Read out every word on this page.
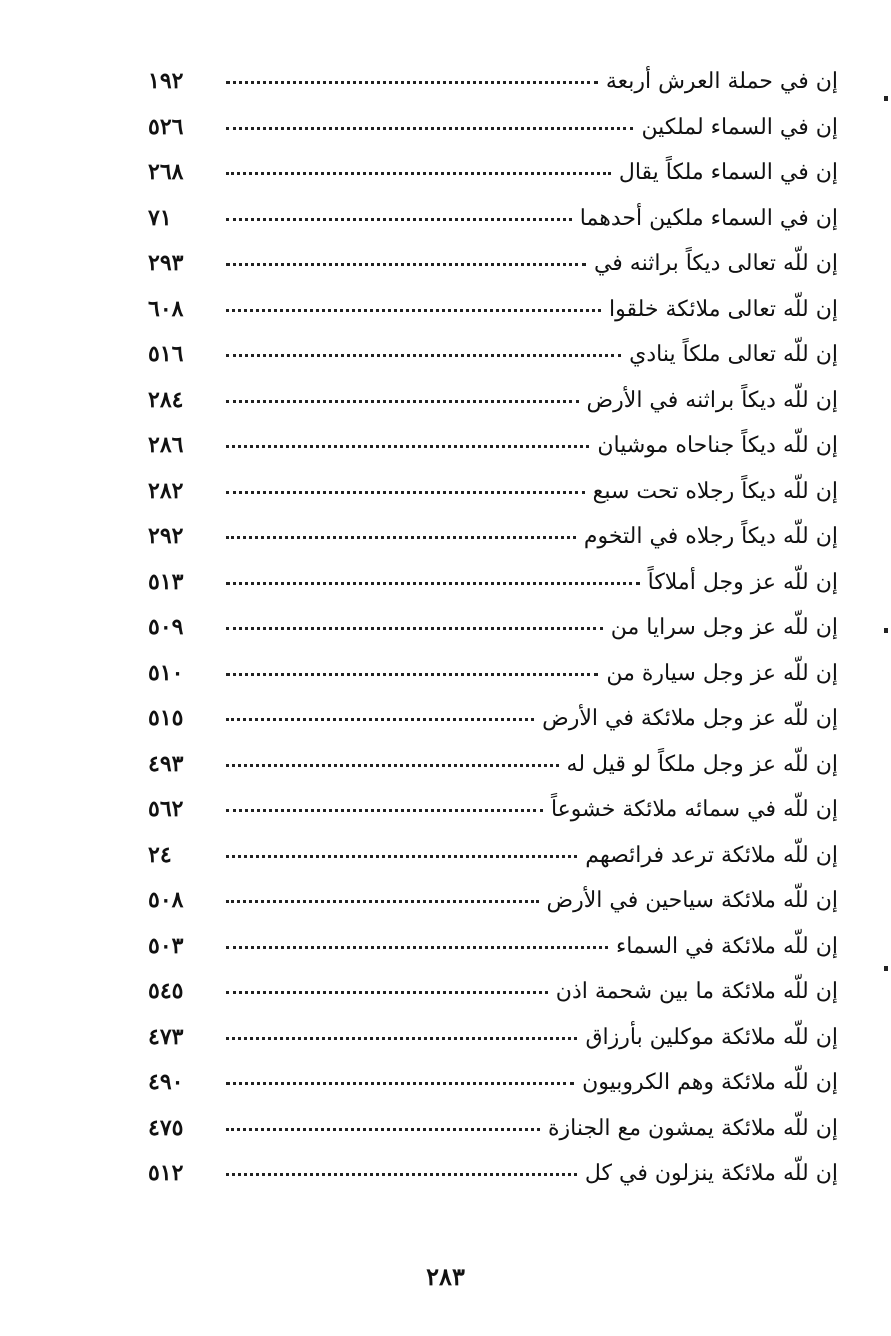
إن في حملة العرش أربعة
١٩٢
إن في السماء لملكين
٥٢٦
إن في السماء ملكاً يقال
٢٦٨
إن في السماء ملكين أحدهما
٧١
إن للّه تعالى ديكاً براثنه في
٢٩٣
إن للّه تعالى ملائكة خلقوا
٦٠٨
إن للّه تعالى ملكاً ينادي
٥١٦
إن للّه ديكاً براثنه في الأرض
٢٨٤
إن للّه ديكاً جناحاه موشيان
٢٨٦
إن للّه ديكاً رجلاه تحت سبع
٢٨٢
إن للّه ديكاً رجلاه في التخوم
٢٩٢
إن للّه عز وجل أملاكاً
٥١٣
إن للّه عز وجل سرايا من
٥٠٩
إن للّه عز وجل سيارة من
٥١٠
إن للّه عز وجل ملائكة في الأرض
٥١٥
إن للّه عز وجل ملكاً لو قيل له
٤٩٣
إن للّه في سمائه ملائكة خشوعاً
٥٦٢
إن للّه ملائكة ترعد فرائصهم
٢٤
إن للّه ملائكة سياحين في الأرض
٥٠٨
إن للّه ملائكة في السماء
٥٠٣
إن للّه ملائكة ما بين شحمة اذن
٥٤٥
إن للّه ملائكة موكلين بأرزاق
٤٧٣
إن للّه ملائكة وهم الكروبيون
٤٩٠
إن للّه ملائكة يمشون مع الجنازة
٤٧٥
إن للّه ملائكة ينزلون في كل
٥١٢
٢٨٣
